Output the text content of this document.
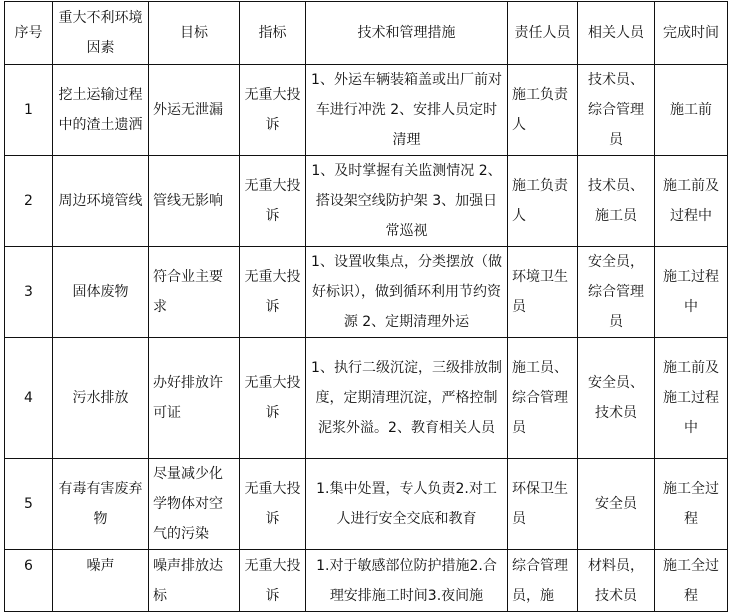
序号	重大不利环境因素	目标	指标	技术和管理措施	责任人员	相关人员	完成时间
1	挖土运输过程中的渣土遗洒	外运无泄漏	无重大投诉	1、外运车辆装箱盖或出厂前对车进行冲洗 2、安排人员定时清理	施工负责人	技术员、综合管理员	施工前
2	周边环境管线	管线无影响	无重大投诉	1、及时掌握有关监测情况 2、搭设架空线防护架 3、加强日常巡视	施工负责人	技术员、施工员	施工前及过程中
3	固体废物	符合业主要求	无重大投诉	1、设置收集点，分类摆放（做好标识），做到循环利用节约资源 2、定期清理外运	环境卫生员	安全员，综合管理员	施工过程中
4	污水排放	办好排放许可证	无重大投诉	1、执行二级沉淀，三级排放制度，定期清理沉淀，严格控制泥浆外溢。2、教育相关人员	施工员、综合管理员	安全员、技术员	施工前及施工过程中
5	有毒有害废弃物	尽量减少化学物体对空气的污染	无重大投诉	1.集中处置，专人负责2.对工人进行安全交底和教育	环保卫生员	安全员	施工全过程
6	噪声	噪声排放达标	无重大投诉	1.对于敏感部位防护措施2.合理安排施工时间3.夜间施	综合管理员，施	材料员，技术员	施工全过程
